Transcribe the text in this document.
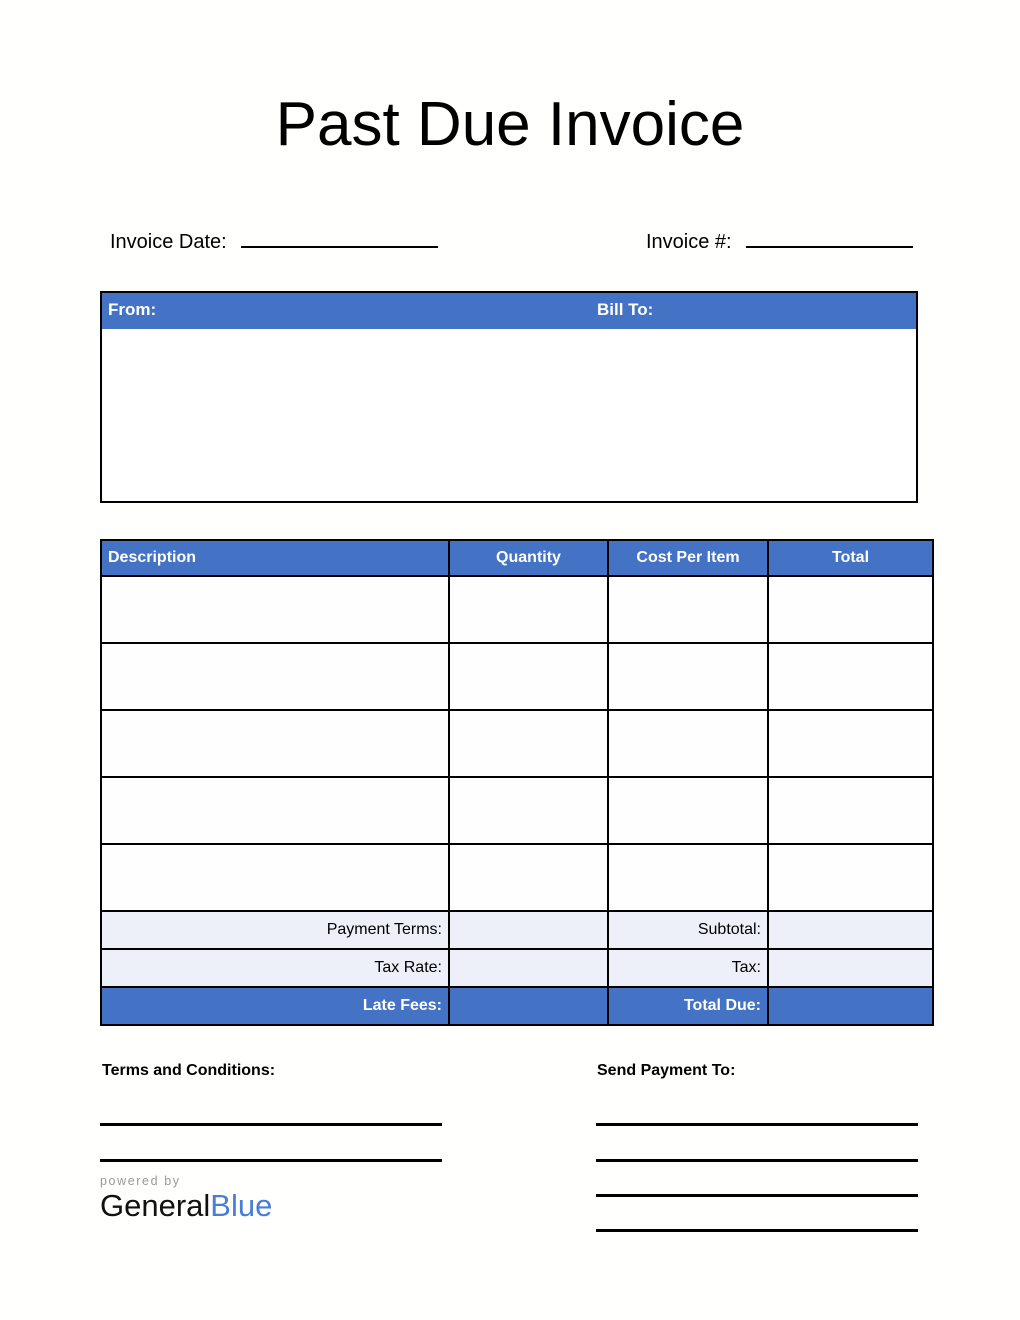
Past Due Invoice
Invoice Date:	Invoice #:
From:	Bill To:
Description	Quantity	Cost Per Item	Total

Payment Terms:		Subtotal:	
Tax Rate:		Tax:	
Late Fees:		Total Due:	
Terms and Conditions:	Send Payment To:
powered by
GeneralBlue
